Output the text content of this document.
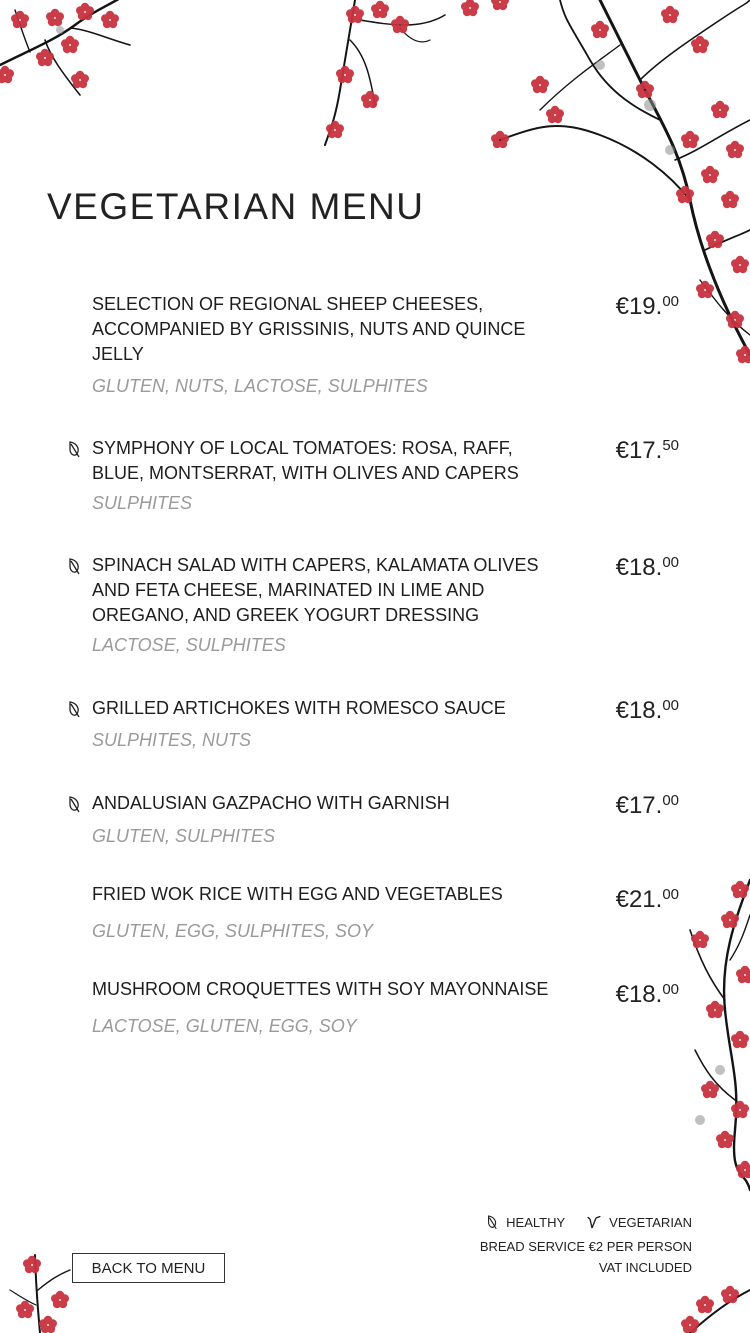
VEGETARIAN MENU
SELECTION OF REGIONAL SHEEP CHEESES, ACCOMPANIED BY GRISSINIS, NUTS AND QUINCE JELLY
GLUTEN, NUTS, LACTOSE, SULPHITES
€19.00
SYMPHONY OF LOCAL TOMATOES: ROSA, RAFF, BLUE, MONTSERRAT, WITH OLIVES AND CAPERS
SULPHITES
€17.50
SPINACH SALAD WITH CAPERS, KALAMATA OLIVES AND FETA CHEESE, MARINATED IN LIME AND OREGANO, AND GREEK YOGURT DRESSING
LACTOSE, SULPHITES
€18.00
GRILLED ARTICHOKES WITH ROMESCO SAUCE
SULPHITES, NUTS
€18.00
ANDALUSIAN GAZPACHO WITH GARNISH
GLUTEN, SULPHITES
€17.00
FRIED WOK RICE WITH EGG AND VEGETABLES
GLUTEN, EGG, SULPHITES, SOY
€21.00
MUSHROOM CROQUETTES WITH SOY MAYONNAISE
LACTOSE, GLUTEN, EGG, SOY
€18.00
HEALTHY	VEGETARIAN
BREAD SERVICE €2 PER PERSON
VAT INCLUDED
BACK TO MENU
